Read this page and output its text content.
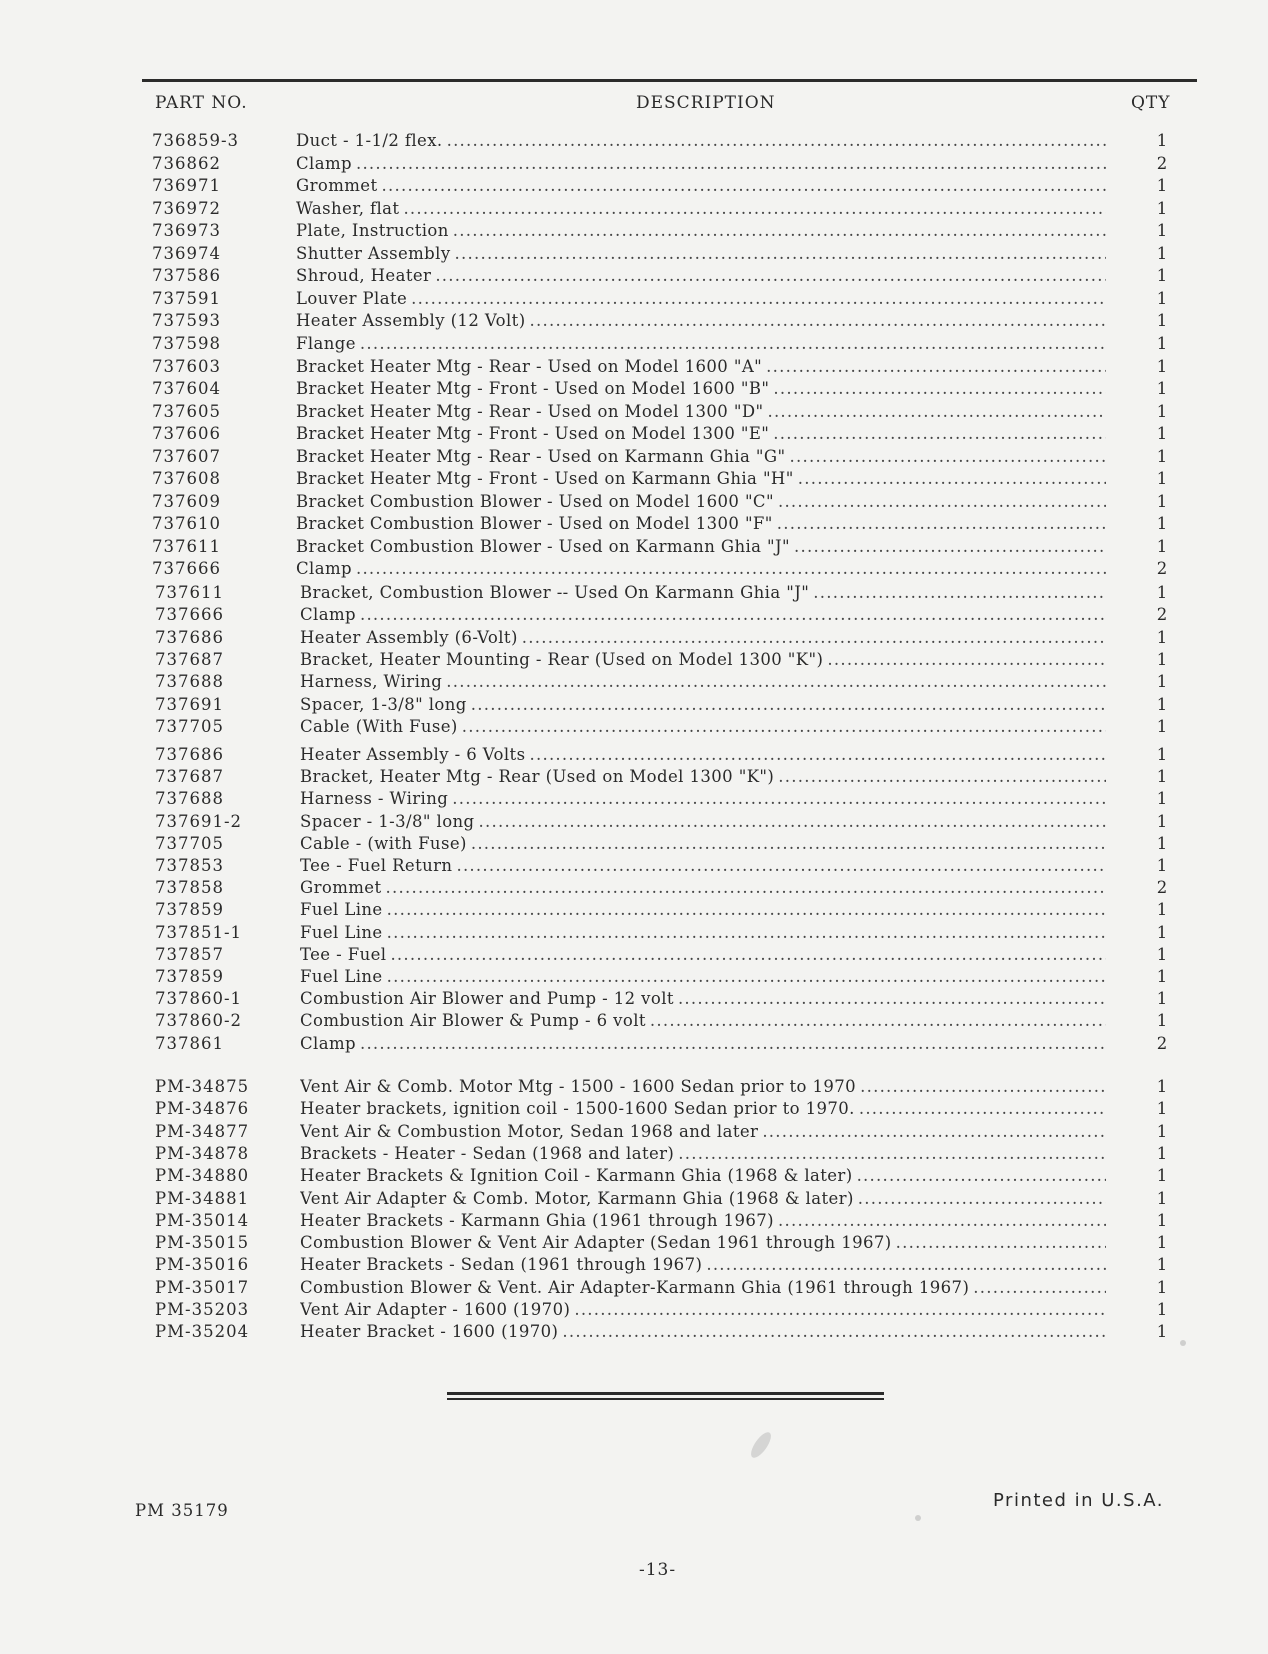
PART NO.	DESCRIPTION	QTY
736859-3	Duct - 1-1/2 flex. . . .	1
736862	Clamp . . .	2
736971	Grommet . . .	1
736972	Washer, flat . . .	1
736973	Plate, Instruction . . .	1
736974	Shutter Assembly . . .	1
737586	Shroud, Heater . . .	1
737591	Louver Plate . . .	1
737593	Heater Assembly (12 Volt) . . .	1
737598	Flange . . .	1
737603	Bracket Heater Mtg - Rear - Used on Model 1600 "A" . . .	1
737604	Bracket Heater Mtg - Front - Used on Model 1600 "B" . . .	1
737605	Bracket Heater Mtg - Rear - Used on Model 1300 "D" . . .	1
737606	Bracket Heater Mtg - Front - Used on Model 1300 "E" . . .	1
737607	Bracket Heater Mtg - Rear - Used on Karmann Ghia "G" . . .	1
737608	Bracket Heater Mtg - Front - Used on Karmann Ghia "H" . . .	1
737609	Bracket Combustion Blower - Used on Model 1600 "C" . . .	1
737610	Bracket Combustion Blower - Used on Model 1300 "F" . . .	1
737611	Bracket Combustion Blower - Used on Karmann Ghia "J" . . .	1
737666	Clamp . . .	2
737611	Bracket, Combustion Blower -- Used On Karmann Ghia "J" . . .	1
737666	Clamp . . .	2
737686	Heater Assembly (6-Volt) . . .	1
737687	Bracket, Heater Mounting - Rear (Used on Model 1300 "K") . . .	1
737688	Harness, Wiring . . .	1
737691	Spacer, 1-3/8" long . . .	1
737705	Cable (With Fuse) . . .	1
737686	Heater Assembly - 6 Volts . . .	1
737687	Bracket, Heater Mtg - Rear (Used on Model 1300 "K") . . .	1
737688	Harness - Wiring . . .	1
737691-2	Spacer - 1-3/8" long . . .	1
737705	Cable - (with Fuse) . . .	1
737853	Tee - Fuel Return . . .	1
737858	Grommet . . .	2
737859	Fuel Line . . .	1
737851-1	Fuel Line . . .	1
737857	Tee - Fuel . . .	1
737859	Fuel Line . . .	1
737860-1	Combustion Air Blower and Pump - 12 volt . . .	1
737860-2	Combustion Air Blower & Pump - 6 volt . . .	1
737861	Clamp . . .	2
PM-34875	Vent Air & Comb. Motor Mtg - 1500 - 1600 Sedan prior to 1970 . . .	1
PM-34876	Heater brackets, ignition coil - 1500-1600 Sedan prior to 1970. . . .	1
PM-34877	Vent Air & Combustion Motor, Sedan 1968 and later . . .	1
PM-34878	Brackets - Heater - Sedan (1968 and later) . . .	1
PM-34880	Heater Brackets & Ignition Coil - Karmann Ghia (1968 & later) . . .	1
PM-34881	Vent Air Adapter & Comb. Motor, Karmann Ghia (1968 & later) . . .	1
PM-35014	Heater Brackets - Karmann Ghia (1961 through 1967) . . .	1
PM-35015	Combustion Blower & Vent Air Adapter (Sedan 1961 through 1967) . . .	1
PM-35016	Heater Brackets - Sedan (1961 through 1967) . . .	1
PM-35017	Combustion Blower & Vent. Air Adapter-Karmann Ghia (1961 through 1967) . . .	1
PM-35203	Vent Air Adapter - 1600 (1970) . . .	1
PM-35204	Heater Bracket - 1600 (1970) . . .	1
PM 35179	Printed in U.S.A.
-13-
